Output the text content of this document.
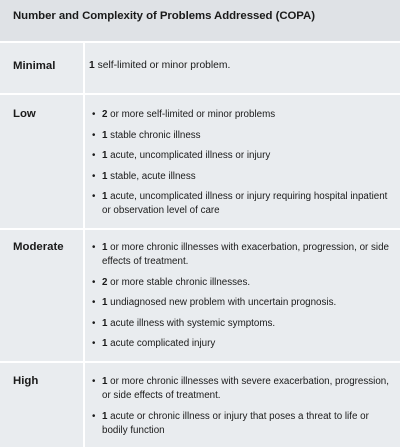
Number and Complexity of Problems Addressed (COPA)
Minimal	1 self-limited or minor problem.
Low	• 2 or more self-limited or minor problems
• 1 stable chronic illness
• 1 acute, uncomplicated illness or injury
• 1 stable, acute illness
• 1 acute, uncomplicated illness or injury requiring hospital inpatient or observation level of care
Moderate	• 1 or more chronic illnesses with exacerbation, progression, or side effects of treatment.
• 2 or more stable chronic illnesses.
• 1 undiagnosed new problem with uncertain prognosis.
• 1 acute illness with systemic symptoms.
• 1 acute complicated injury
High	• 1 or more chronic illnesses with severe exacerbation, progression, or side effects of treatment.
• 1 acute or chronic illness or injury that poses a threat to life or bodily function
